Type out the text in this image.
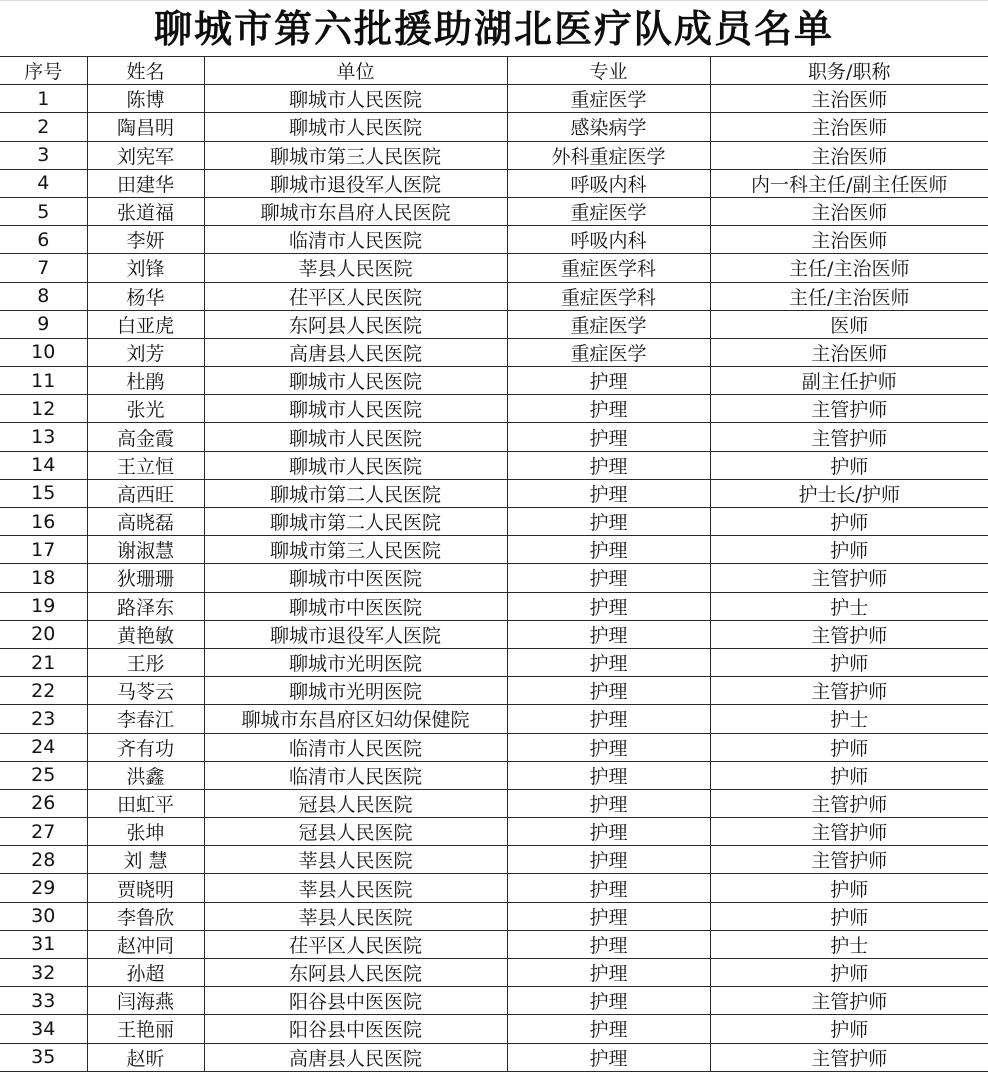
聊城市第六批援助湖北医疗队成员名单
序号	姓名	单位	专业	职务/职称
1	陈博	聊城市人民医院	重症医学	主治医师
2	陶昌明	聊城市人民医院	感染病学	主治医师
3	刘宪军	聊城市第三人民医院	外科重症医学	主治医师
4	田建华	聊城市退役军人医院	呼吸内科	内一科主任/副主任医师
5	张道福	聊城市东昌府人民医院	重症医学	主治医师
6	李妍	临清市人民医院	呼吸内科	主治医师
7	刘锋	莘县人民医院	重症医学科	主任/主治医师
8	杨华	茌平区人民医院	重症医学科	主任/主治医师
9	白亚虎	东阿县人民医院	重症医学	医师
10	刘芳	高唐县人民医院	重症医学	主治医师
11	杜鹃	聊城市人民医院	护理	副主任护师
12	张光	聊城市人民医院	护理	主管护师
13	高金霞	聊城市人民医院	护理	主管护师
14	王立恒	聊城市人民医院	护理	护师
15	高西旺	聊城市第二人民医院	护理	护士长/护师
16	高晓磊	聊城市第二人民医院	护理	护师
17	谢淑慧	聊城市第三人民医院	护理	护师
18	狄珊珊	聊城市中医医院	护理	主管护师
19	路泽东	聊城市中医医院	护理	护士
20	黄艳敏	聊城市退役军人医院	护理	主管护师
21	王彤	聊城市光明医院	护理	护师
22	马苓云	聊城市光明医院	护理	主管护师
23	李春江	聊城市东昌府区妇幼保健院	护理	护士
24	齐有功	临清市人民医院	护理	护师
25	洪鑫	临清市人民医院	护理	护师
26	田虹平	冠县人民医院	护理	主管护师
27	张坤	冠县人民医院	护理	主管护师
28	刘 慧	莘县人民医院	护理	主管护师
29	贾晓明	莘县人民医院	护理	护师
30	李鲁欣	莘县人民医院	护理	护师
31	赵冲同	茌平区人民医院	护理	护士
32	孙超	东阿县人民医院	护理	护师
33	闫海燕	阳谷县中医医院	护理	主管护师
34	王艳丽	阳谷县中医医院	护理	护师
35	赵昕	高唐县人民医院	护理	主管护师
